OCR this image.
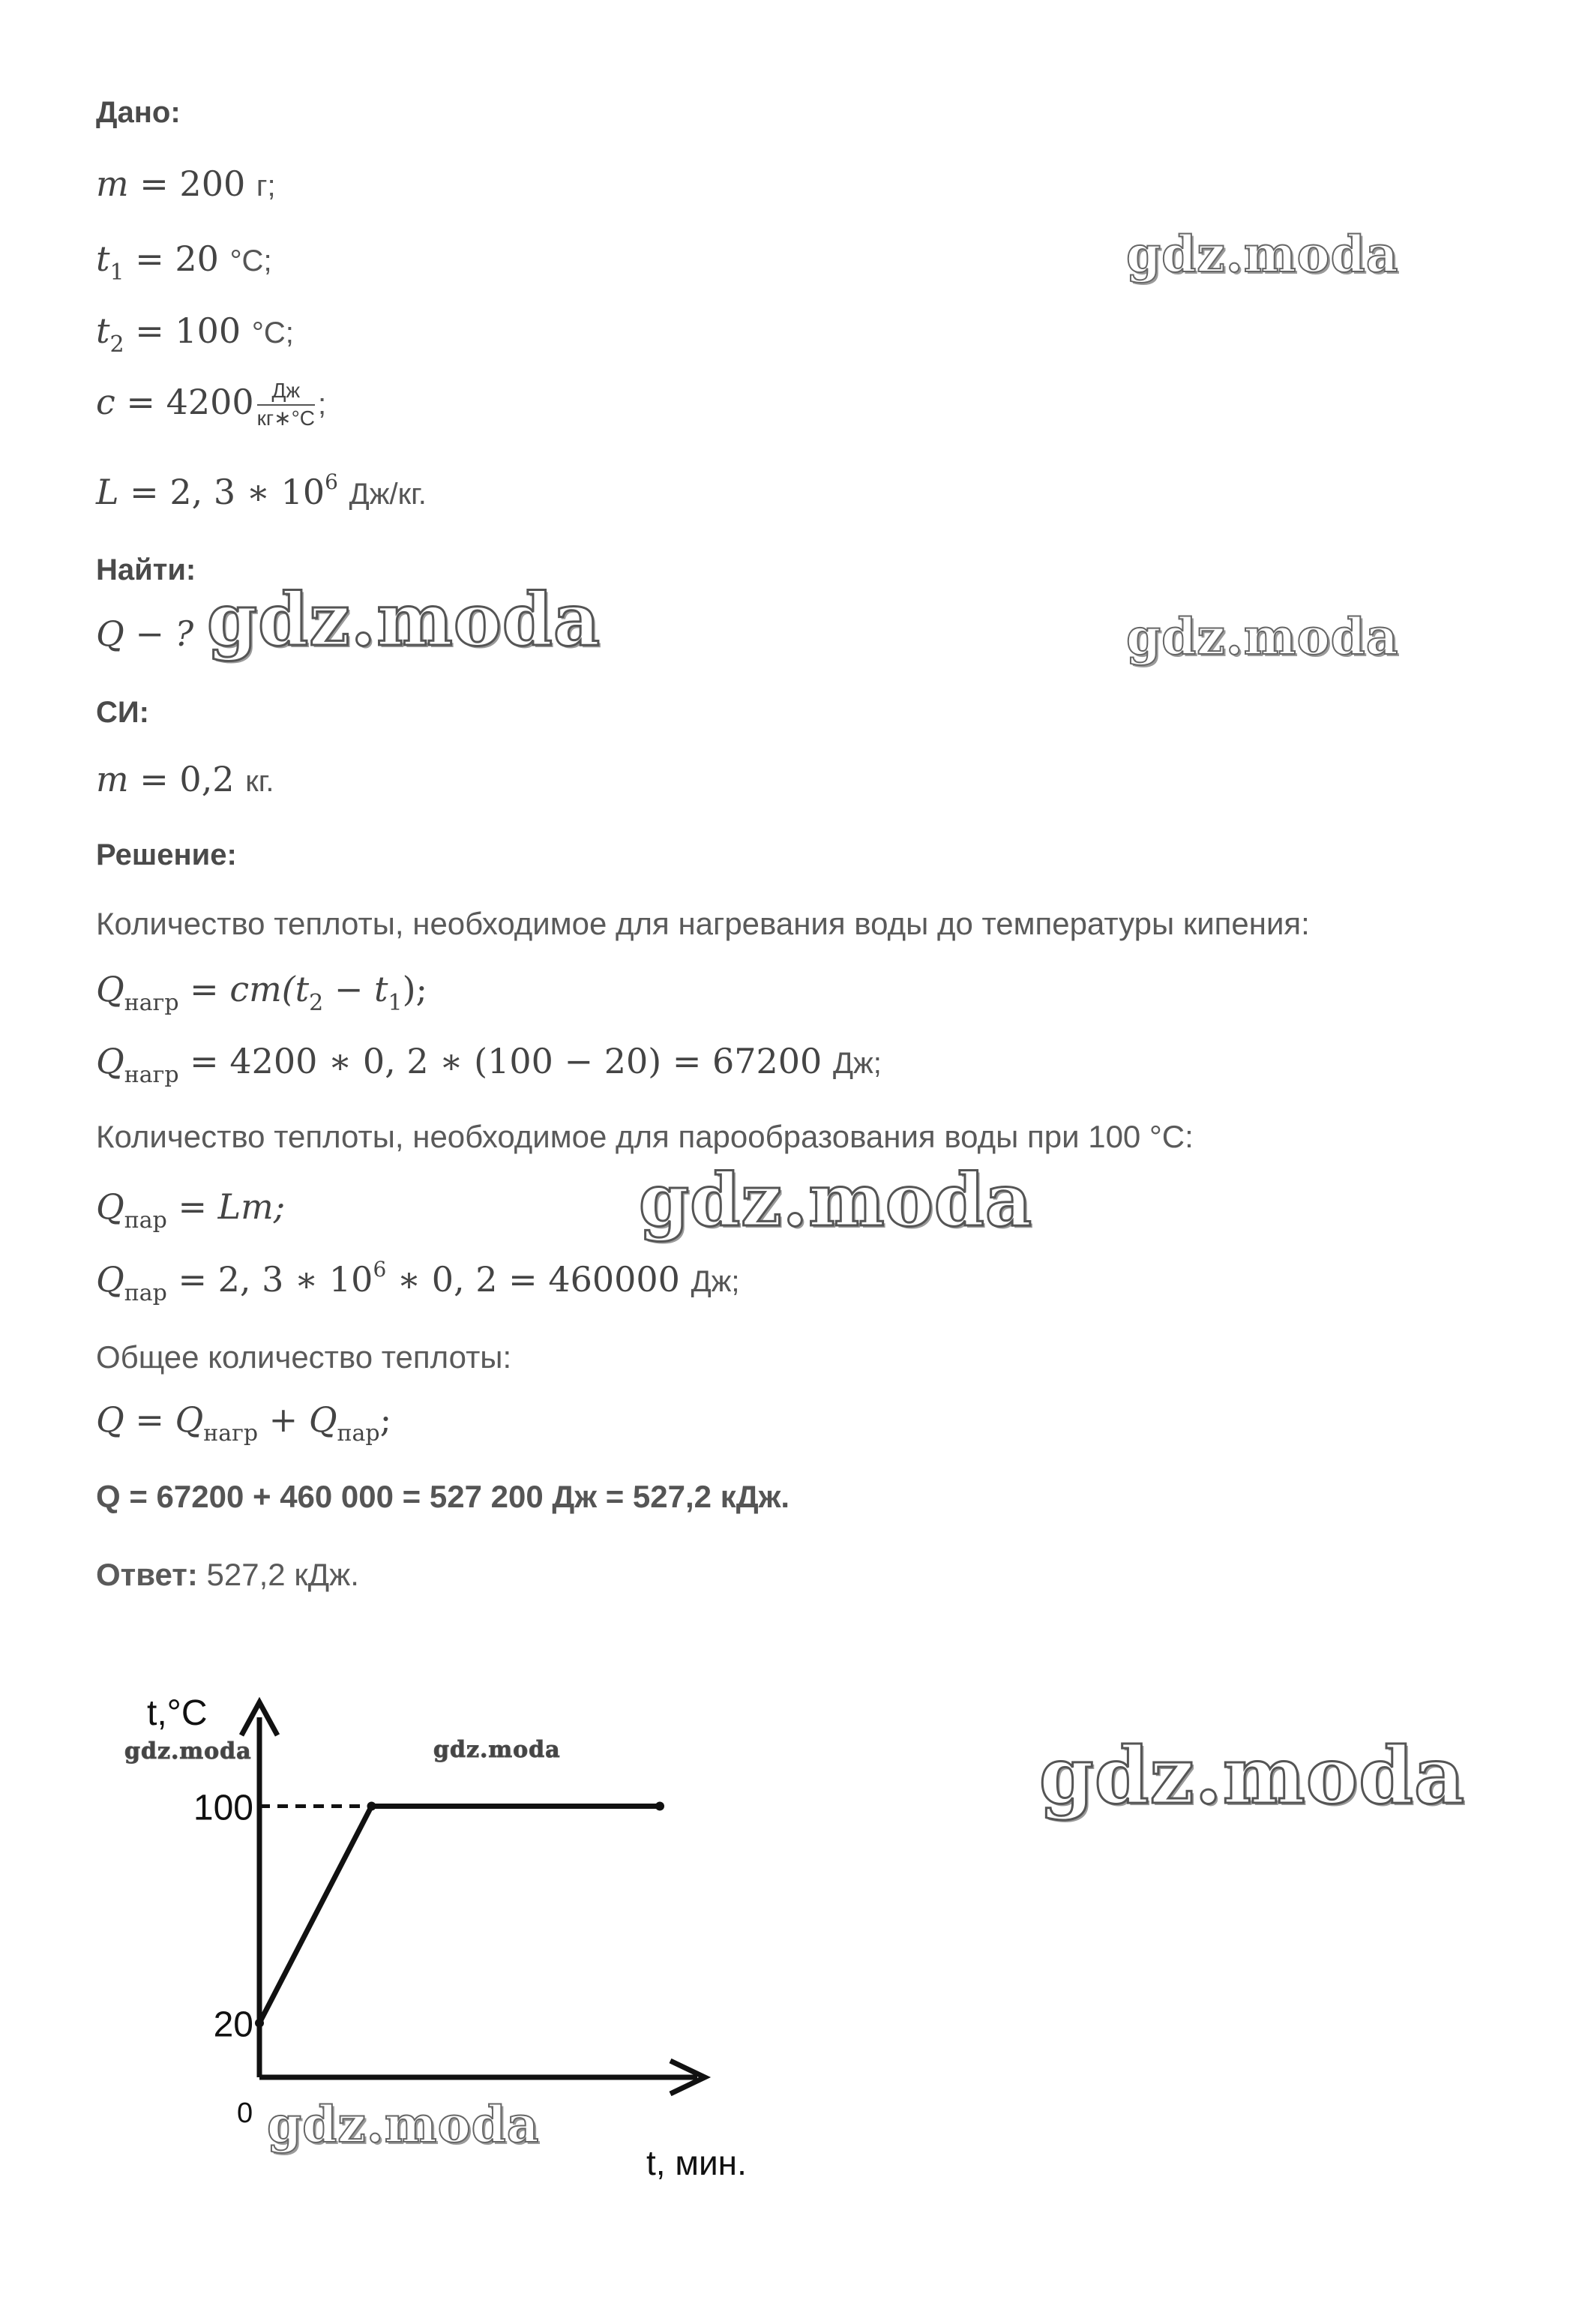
Дано:
m = 200 г;
$t_1 = 20$ °C;
$t_2 = 100$ °C;
$c = 4200 \frac{Дж}{кг∗^\circ C}$ ;
L = 2, 3 ∗ $10^6$ Дж/кг.
Найти:
Q − ?
СИ:
m = 0,2 кг.
Решение:
Количество теплоты, необходимое для нагревания воды до температуры кипения:
$Q_{нагр} = cm(t_2 - t_1)$;
$Q_{нагр} = 4200$ ∗ 0, 2 ∗ (100 − 20) = 67200 Дж;
Количество теплоты, необходимое для парообразования воды при 100 °C:
$Q_{пар} = Lm$;
$Q_{пар} = 2$, 3 ∗ $10^6$ ∗ 0, 2 = 460000 Дж;
Общее количество теплоты:
$Q = Q_{нагр} + Q_{пар}$;
Q = 67200 + 460 000 = 527 200 Дж = 527,2 кДж.
Ответ: 527,2 кДж.
gdz.moda
gdz.moda	gdz.moda
gdz.moda
gdz.moda
gdz.moda
gdz.moda	gdz.moda
t,°C
t, мин.
0
20
100
